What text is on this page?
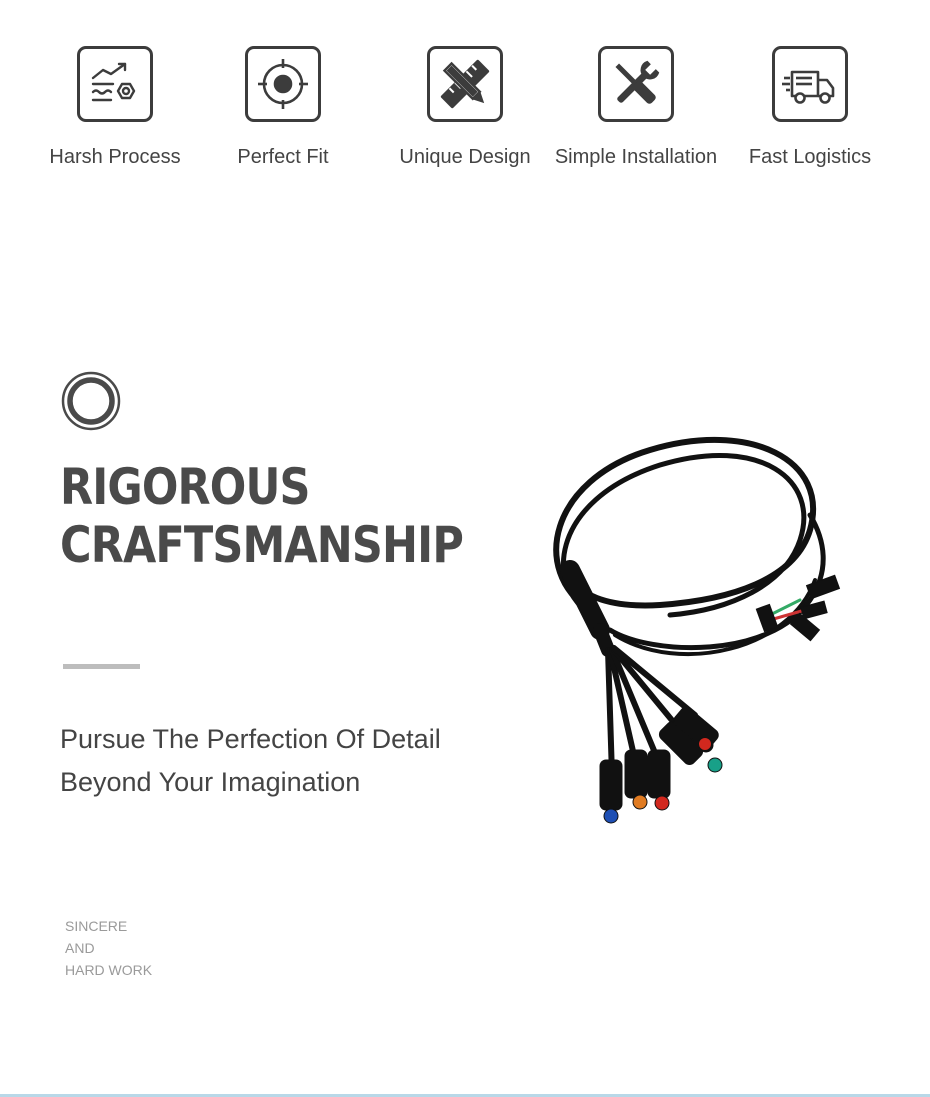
Harsh Process	Perfect Fit	Unique Design	Simple Installation	Fast Logistics
RIGOROUS
CRAFTSMANSHIP
Pursue The Perfection Of Detail
Beyond Your Imagination
SINCERE
AND
HARD WORK
